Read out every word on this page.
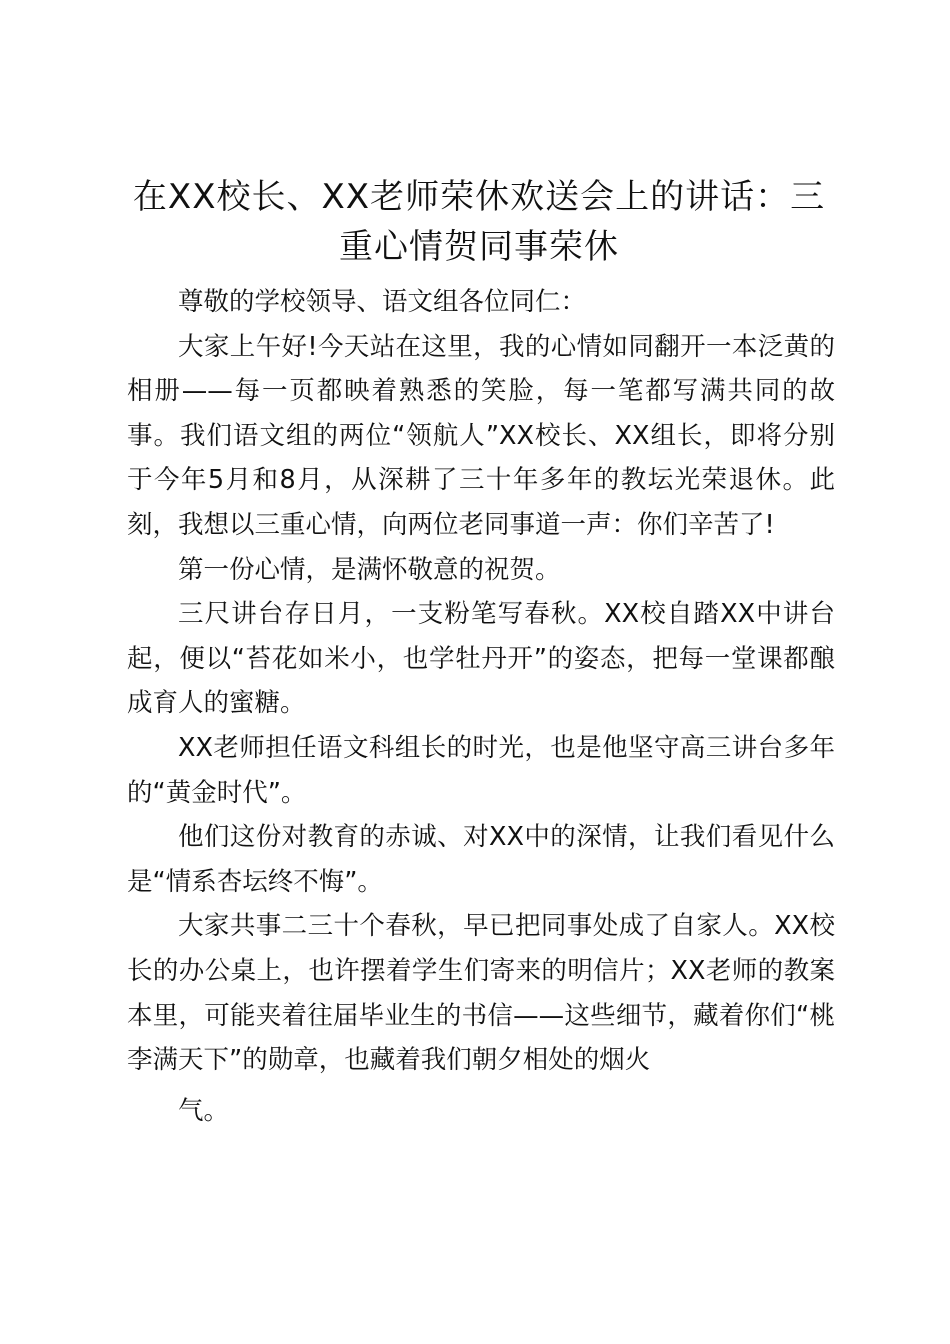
在XX校长、XX老师荣休欢送会上的讲话：三重心情贺同事荣休

尊敬的学校领导、语文组各位同仁：

大家上午好!今天站在这里，我的心情如同翻开一本泛黄的相册——每一页都映着熟悉的笑脸，每一笔都写满共同的故事。我们语文组的两位“领航人”XX校长、XX组长，即将分别于今年5月和8月，从深耕了三十年多年的教坛光荣退休。此刻，我想以三重心情，向两位老同事道一声：你们辛苦了!

第一份心情，是满怀敬意的祝贺。

三尺讲台存日月，一支粉笔写春秋。XX校自踏XX中讲台起，便以“苔花如米小，也学牡丹开”的姿态，把每一堂课都酿成育人的蜜糖。

XX老师担任语文科组长的时光，也是他坚守高三讲台多年的“黄金时代”。

他们这份对教育的赤诚、对XX中的深情，让我们看见什么是“情系杏坛终不悔”。

大家共事二三十个春秋，早已把同事处成了自家人。XX校长的办公桌上，也许摆着学生们寄来的明信片；XX老师的教案本里，可能夹着往届毕业生的书信——这些细节，藏着你们“桃李满天下”的勋章，也藏着我们朝夕相处的烟火

气。
